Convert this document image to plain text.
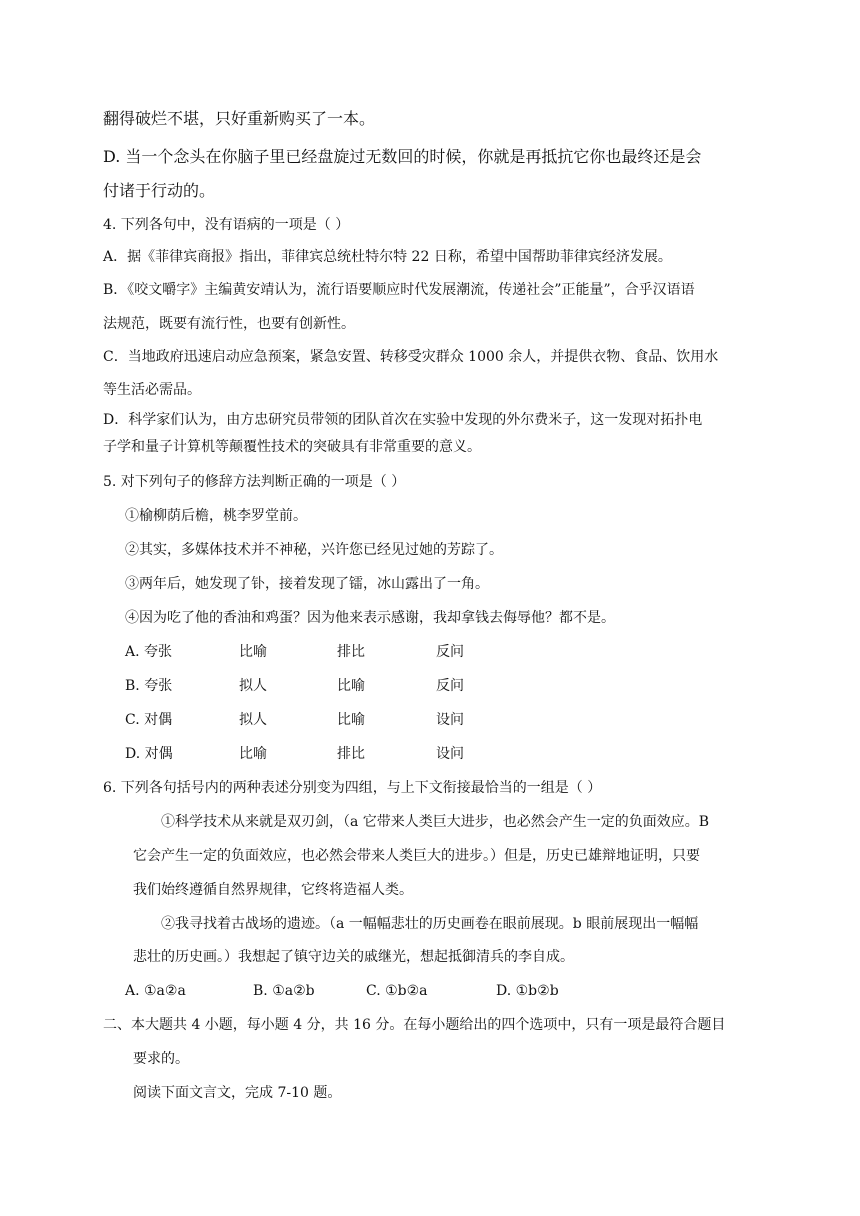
翻得破烂不堪，只好重新购买了一本。
D. 当一个念头在你脑子里已经盘旋过无数回的时候，你就是再抵抗它你也最终还是会
付诸于行动的。
4. 下列各句中，没有语病的一项是（ ）
A．据《菲律宾商报》指出，菲律宾总统杜特尔特 22 日称，希望中国帮助菲律宾经济发展。
B．《咬文嚼字》主编黄安靖认为，流行语要顺应时代发展潮流，传递社会”正能量”，合乎汉语语
法规范，既要有流行性，也要有创新性。
C．当地政府迅速启动应急预案，紧急安置、转移受灾群众 1000 余人，并提供衣物、食品、饮用水
等生活必需品。
D．科学家们认为，由方忠研究员带领的团队首次在实验中发现的外尔费米子，这一发现对拓扑电
子学和量子计算机等颠覆性技术的突破具有非常重要的意义。
5. 对下列句子的修辞方法判断正确的一项是（ ）
①榆柳荫后檐，桃李罗堂前。
②其实，多媒体技术并不神秘，兴许您已经见过她的芳踪了。
③两年后，她发现了钋，接着发现了镭，冰山露出了一角。
④因为吃了他的香油和鸡蛋？因为他来表示感谢，我却拿钱去侮辱他？都不是。
A. 夸张	比喻	排比	反问
B. 夸张	拟人	比喻	反问
C. 对偶	拟人	比喻	设问
D. 对偶	比喻	排比	设问
6. 下列各句括号内的两种表述分别变为四组，与上下文衔接最恰当的一组是（ ）
①科学技术从来就是双刃剑，（a 它带来人类巨大进步，也必然会产生一定的负面效应。B
它会产生一定的负面效应，也必然会带来人类巨大的进步。）但是，历史已雄辩地证明，只要
我们始终遵循自然界规律，它终将造福人类。
②我寻找着古战场的遗迹。（a 一幅幅悲壮的历史画卷在眼前展现。b 眼前展现出一幅幅
悲壮的历史画。）我想起了镇守边关的戚继光，想起抵御清兵的李自成。
A. ①a②a	B. ①a②b	C. ①b②a	D. ①b②b
二、本大题共 4 小题，每小题 4 分，共 16 分。在每小题给出的四个选项中，只有一项是最符合题目
要求的。
阅读下面文言文，完成 7-10 题。
